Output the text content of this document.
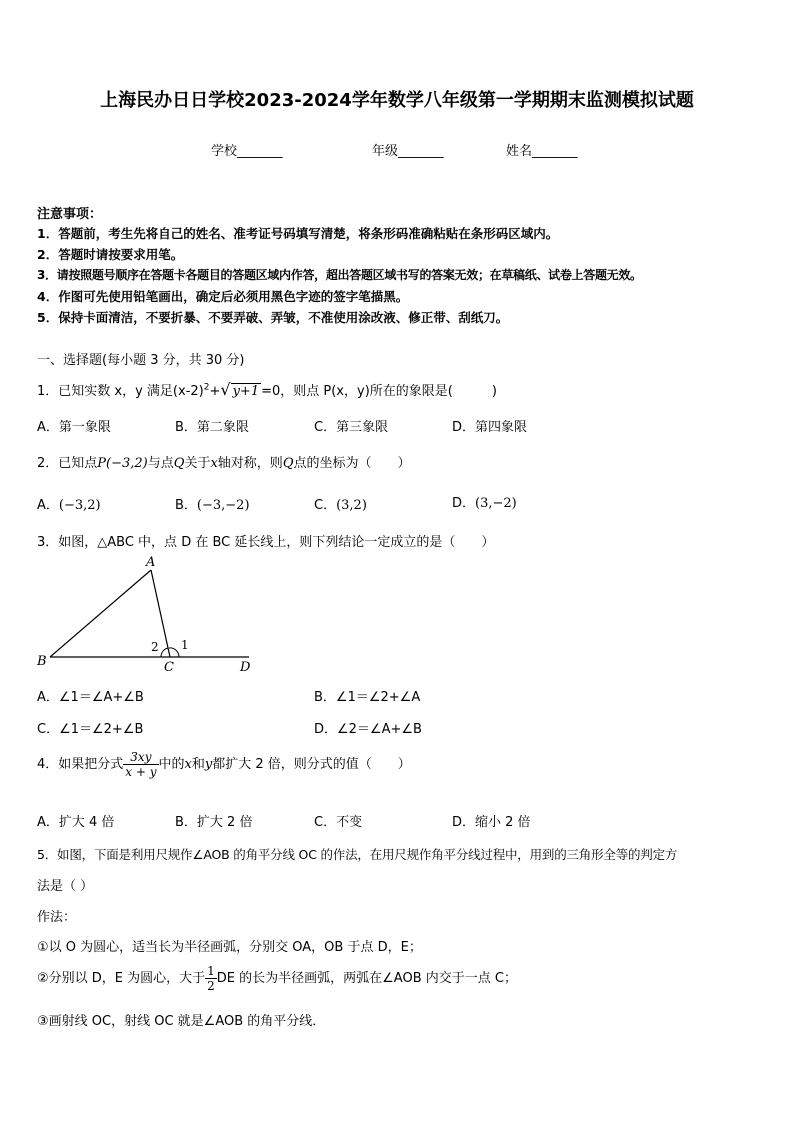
上海民办日日学校2023-2024学年数学八年级第一学期期末监测模拟试题
学校_______	年级_______	姓名_______
注意事项：
1．答题前，考生先将自己的姓名、准考证号码填写清楚，将条形码准确粘贴在条形码区域内。
2．答题时请按要求用笔。
3．请按照题号顺序在答题卡各题目的答题区域内作答，超出答题区域书写的答案无效；在草稿纸、试卷上答题无效。
4．作图可先使用铅笔画出，确定后必须用黑色字迹的签字笔描黑。
5．保持卡面清洁，不要折暴、不要弄破、弄皱，不准使用涂改液、修正带、刮纸刀。
一、选择题(每小题 3 分，共 30 分)
1．已知实数 x，y 满足$(x-2)^2+√$ y+1 =0，则点 P(x，y)所在的象限是(　　　)
A．第一象限	B．第二象限	C．第三象限	D．第四象限
2．已知点P(−3,2)与点Q关于x轴对称，则Q点的坐标为（　　）
A．(−3,2)	B．(−3,−2)	C．(3,2)	D．(3,−2)
3．如图，△ABC 中，点 D 在 BC 延长线上，则下列结论一定成立的是（　　）
A
B	C	D
2 1
A．∠1＝∠A+∠B	B．∠1＝∠2+∠A
C．∠1＝∠2+∠B	D．∠2＝∠A+∠B
4．如果把分式 $\frac{3xy}{x + y}$ 中的x和y都扩大 2 倍，则分式的值（　　）
A．扩大 4 倍	B．扩大 2 倍	C．不变	D．缩小 2 倍
5．如图，下面是利用尺规作∠AOB 的角平分线 OC 的作法，在用尺规作角平分线过程中，用到的三角形全等的判定方
法是（ ）
作法：
①以 O 为圆心，适当长为半径画弧，分别交 OA，OB 于点 D，E；
②分别以 D，E 为圆心，大于 $\frac{1}{2}$ DE 的长为半径画弧，两弧在∠AOB 内交于一点 C；
③画射线 OC，射线 OC 就是∠AOB 的角平分线．
